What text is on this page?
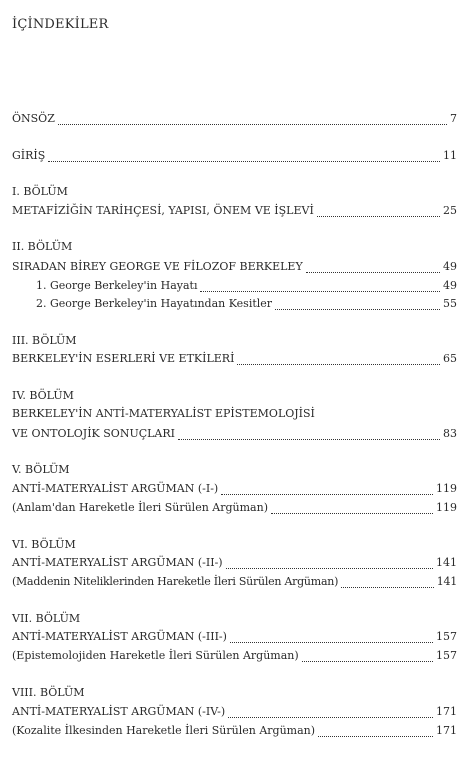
İÇİNDEKİLER
ÖNSÖZ	7
GİRİŞ	11
I. BÖLÜM
METAFİZİĞİN TARİHÇESİ, YAPISI, ÖNEM VE İŞLEVİ	25
II. BÖLÜM
SIRADAN BİREY GEORGE VE FİLOZOF BERKELEY	49
1. George Berkeley'in Hayatı	49
2. George Berkeley'in Hayatından Kesitler	55
III. BÖLÜM
BERKELEY'İN ESERLERİ VE ETKİLERİ	65
IV. BÖLÜM
BERKELEY'İN ANTİ-MATERYALİST EPİSTEMOLOJİSİ
VE ONTOLOJİK SONUÇLARI	83
V. BÖLÜM
ANTİ-MATERYALİST ARGÜMAN (-I-)	119
(Anlam'dan Hareketle İleri Sürülen Argüman)	119
VI. BÖLÜM
ANTİ-MATERYALİST ARGÜMAN (-II-)	141
(Maddenin Niteliklerinden Hareketle İleri Sürülen Argüman)	141
VII. BÖLÜM
ANTİ-MATERYALİST ARGÜMAN (-III-)	157
(Epistemolojiden Hareketle İleri Sürülen Argüman)	157
VIII. BÖLÜM
ANTİ-MATERYALİST ARGÜMAN (-IV-)	171
(Kozalite İlkesinden Hareketle İleri Sürülen Argüman)	171
